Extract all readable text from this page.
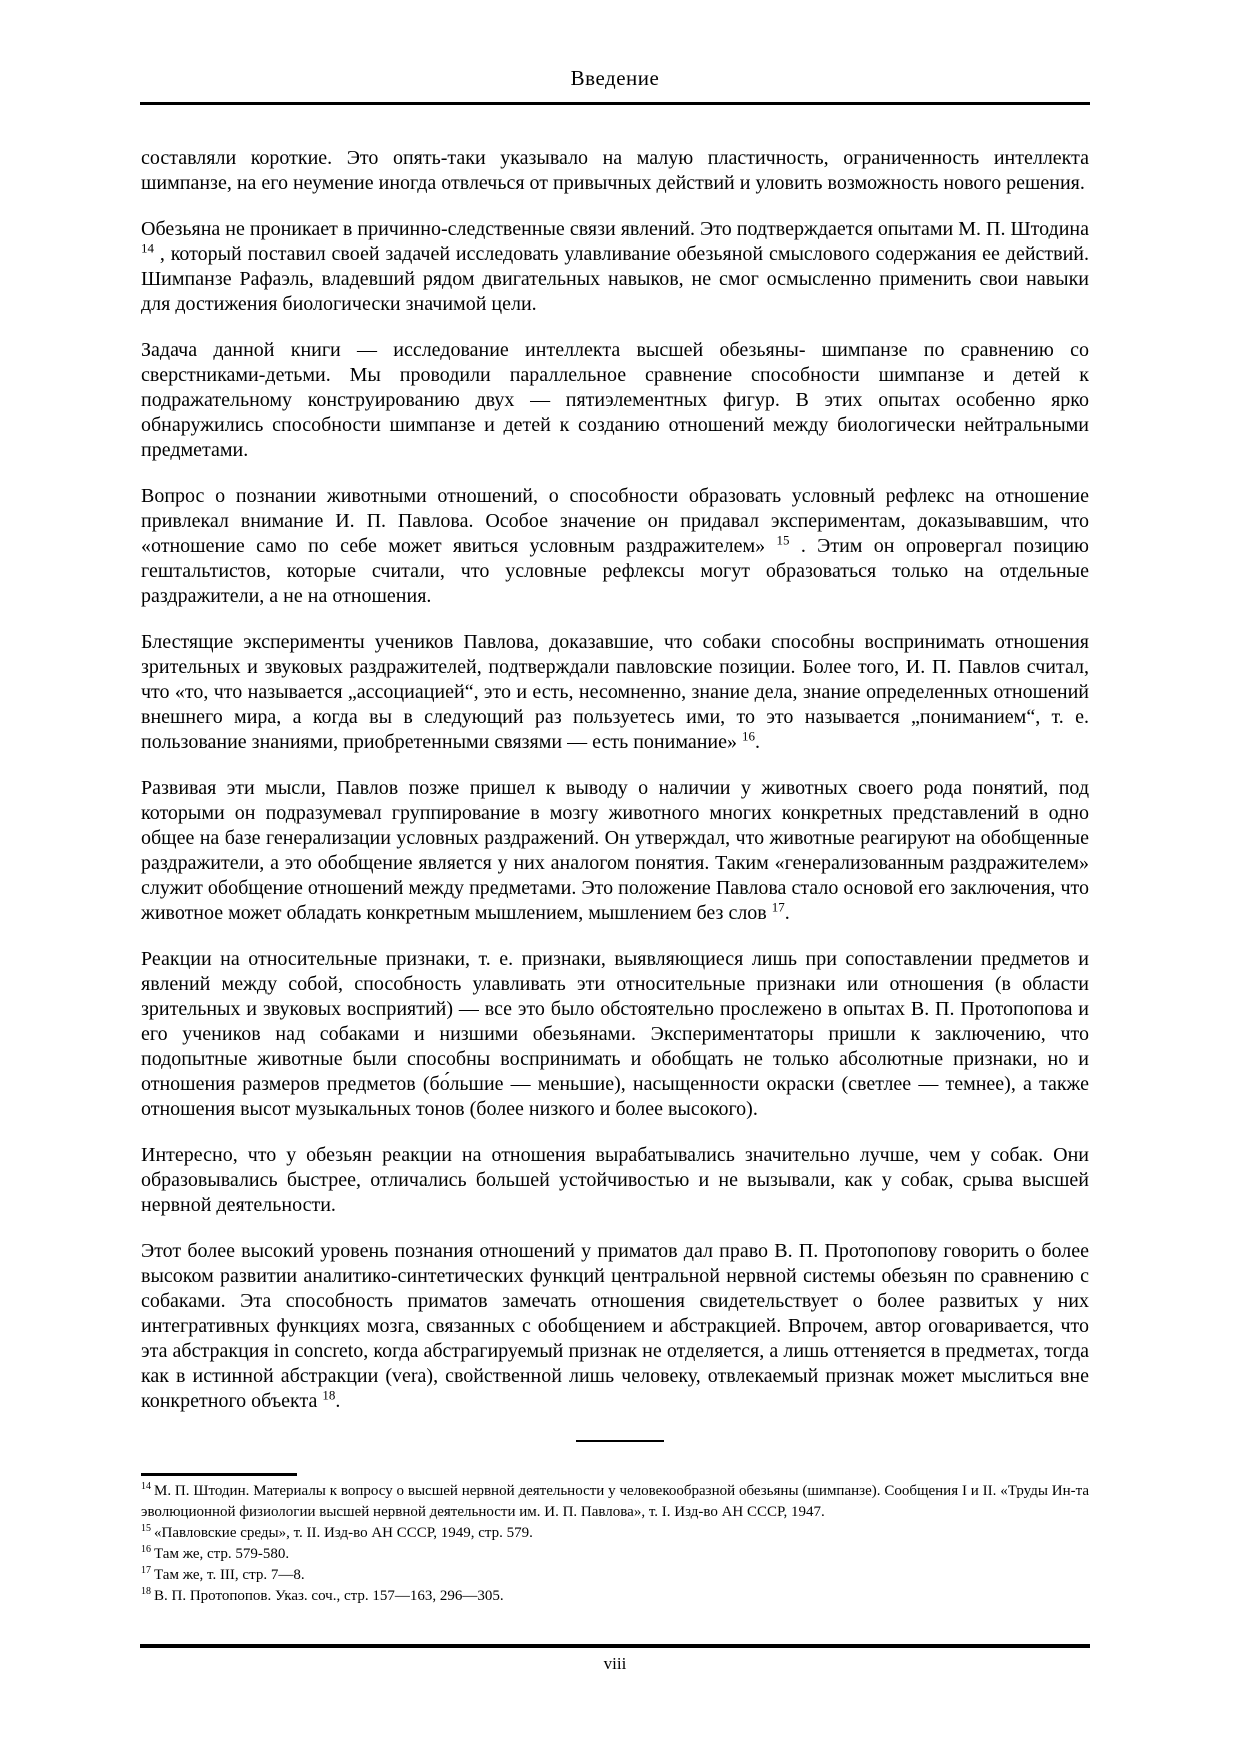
Введение

составляли короткие. Это опять-таки указывало на малую пластичность, ограниченность интеллекта шимпанзе, на его неумение иногда отвлечься от привычных действий и уловить возможность нового решения.

Обезьяна не проникает в причинно-следственные связи явлений. Это подтверждается опытами М. П. Штодина $^{14}$ , который поставил своей задачей исследовать улавливание обезьяной смыслового содержания ее действий. Шимпанзе Рафаэль, владевший рядом двигательных навыков, не смог осмысленно применить свои навыки для достижения биологически значимой цели.

Задача данной книги — исследование интеллекта высшей обезьяны- шимпанзе по сравнению со сверстниками-детьми. Мы проводили параллельное сравнение способности шимпанзе и детей к подражательному конструированию двух — пятиэлементных фигур. В этих опытах особенно ярко обнаружились способности шимпанзе и детей к созданию отношений между биологически нейтральными предметами.

Вопрос о познании животными отношений, о способности образовать условный рефлекс на отношение привлекал внимание И. П. Павлова. Особое значение он придавал экспериментам, доказывавшим, что «отношение само по себе может явиться условным раздражителем» $^{15}$ . Этим он опровергал позицию гештальтистов, которые считали, что условные рефлексы могут образоваться только на отдельные раздражители, а не на отношения.

Блестящие эксперименты учеников Павлова, доказавшие, что собаки способны воспринимать отношения зрительных и звуковых раздражителей, подтверждали павловские позиции. Более того, И. П. Павлов считал, что «то, что называется „ассоциацией“, это и есть, несомненно, знание дела, знание определенных отношений внешнего мира, а когда вы в следующий раз пользуетесь ими, то это называется „пониманием“, т. е. пользование знаниями, приобретенными связями — есть понимание» $^{16}$.

Развивая эти мысли, Павлов позже пришел к выводу о наличии у животных своего рода понятий, под которыми он подразумевал группирование в мозгу животного многих конкретных представлений в одно общее на базе генерализации условных раздражений. Он утверждал, что животные реагируют на обобщенные раздражители, а это обобщение является у них аналогом понятия. Таким «генерализованным раздражителем» служит обобщение отношений между предметами. Это положение Павлова стало основой его заключения, что животное может обладать конкретным мышлением, мышлением без слов $^{17}$.

Реакции на относительные признаки, т. е. признаки, выявляющиеся лишь при сопоставлении предметов и явлений между собой, способность улавливать эти относительные признаки или отношения (в области зрительных и звуковых восприятий) — все это было обстоятельно прослежено в опытах В. П. Протопопова и его учеников над собаками и низшими обезьянами. Экспериментаторы пришли к заключению, что подопытные животные были способны воспринимать и обобщать не только абсолютные признаки, но и отношения размеров предметов (бо́льшие — меньшие), насыщенности окраски (светлее — темнее), а также отношения высот музыкальных тонов (более низкого и более высокого).

Интересно, что у обезьян реакции на отношения вырабатывались значительно лучше, чем у собак. Они образовывались быстрее, отличались большей устойчивостью и не вызывали, как у собак, срыва высшей нервной деятельности.

Этот более высокий уровень познания отношений у приматов дал право В. П. Протопопову говорить о более высоком развитии аналитико-синтетических функций центральной нервной системы обезьян по сравнению с собаками. Эта способность приматов замечать отношения свидетельствует о более развитых у них интегративных функциях мозга, связанных с обобщением и абстракцией. Впрочем, автор оговаривается, что эта абстракция in concreto, когда абстрагируемый признак не отделяется, а лишь оттеняется в предметах, тогда как в истинной абстракции (vera), свойственной лишь человеку, отвлекаемый признак может мыслиться вне конкретного объекта $^{18}$.

$^{14}$ М. П. Штодин. Материалы к вопросу о высшей нервной деятельности у человекообразной обезьяны (шимпанзе). Сообщения I и II. «Труды Ин-та эволюционной физиологии высшей нервной деятельности им. И. П. Павлова», т. I. Изд-во АН СССР, 1947.
$^{15}$ «Павловские среды», т. II. Изд-во АН СССР, 1949, стр. 579.
$^{16}$ Там же, стр. 579-580.
$^{17}$ Там же, т. III, стр. 7—8.
$^{18}$ В. П. Протопопов. Указ. соч., стр. 157—163, 296—305.
viii
